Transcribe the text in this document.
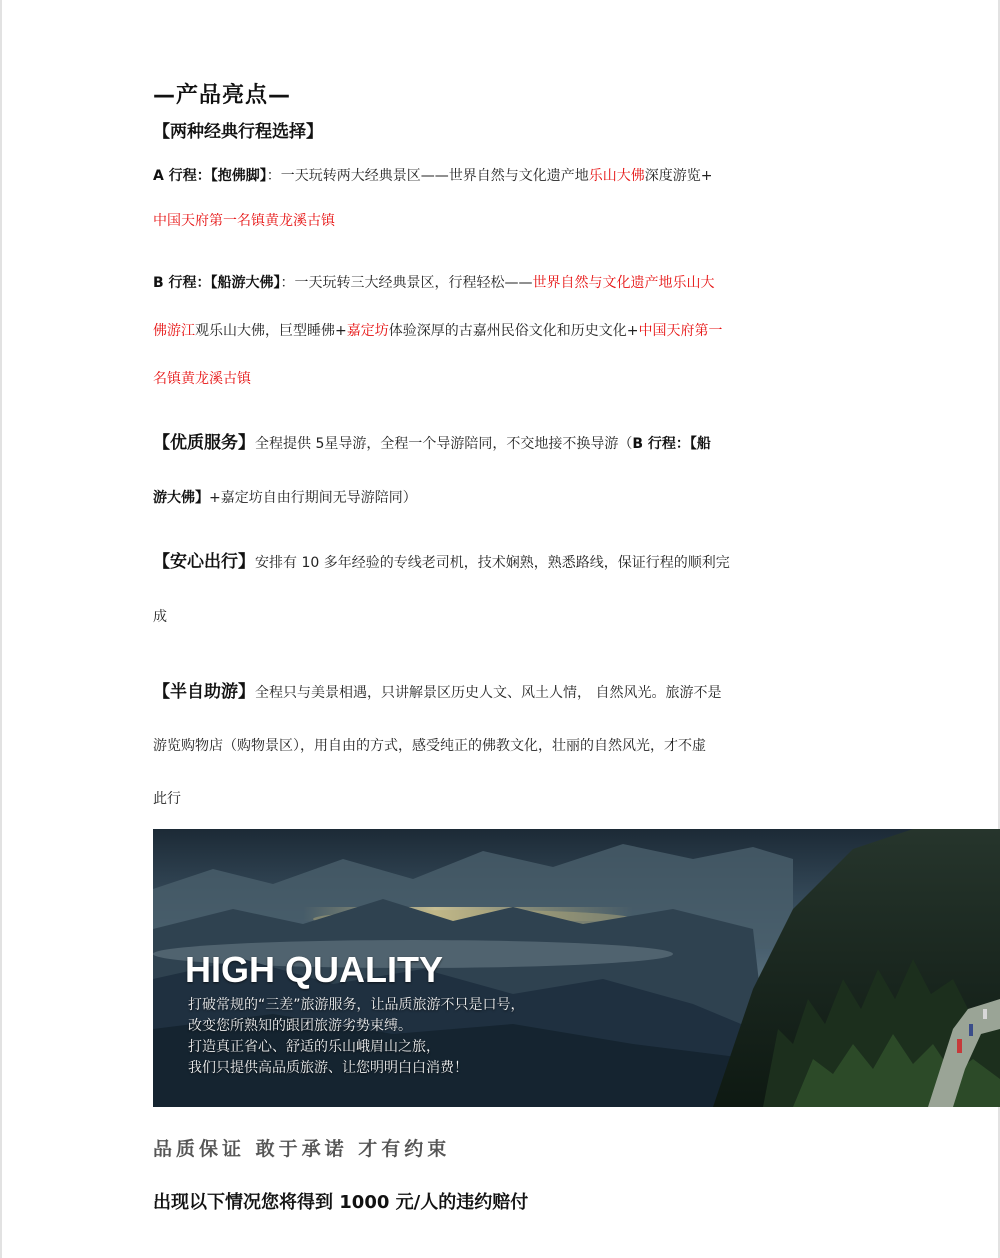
—产品亮点—
【两种经典行程选择】
A 行程：【抱佛脚】：一天玩转两大经典景区——世界自然与文化遗产地乐山大佛深度游览+
中国天府第一名镇黄龙溪古镇
B 行程：【船游大佛】：一天玩转三大经典景区，行程轻松——世界自然与文化遗产地乐山大
佛游江观乐山大佛，巨型睡佛+嘉定坊体验深厚的古嘉州民俗文化和历史文化+中国天府第一
名镇黄龙溪古镇
【优质服务】全程提供 5星导游，全程一个导游陪同，不交地接不换导游（B 行程：【船
游大佛】+嘉定坊自由行期间无导游陪同）
【安心出行】安排有 10 多年经验的专线老司机，技术娴熟，熟悉路线，保证行程的顺利完
成
【半自助游】全程只与美景相遇，只讲解景区历史人文、风土人情， 自然风光。旅游不是
游览购物店（购物景区），用自由的方式，感受纯正的佛教文化，壮丽的自然风光，才不虚
此行
HIGH QUALITY
打破常规的“三差”旅游服务，让品质旅游不只是口号，
改变您所熟知的跟团旅游劣势束缚。
打造真正省心、舒适的乐山峨眉山之旅，
我们只提供高品质旅游、让您明明白白消费！
品质保证 敢于承诺 才有约束
出现以下情况您将得到 1000 元/人的违约赔付
